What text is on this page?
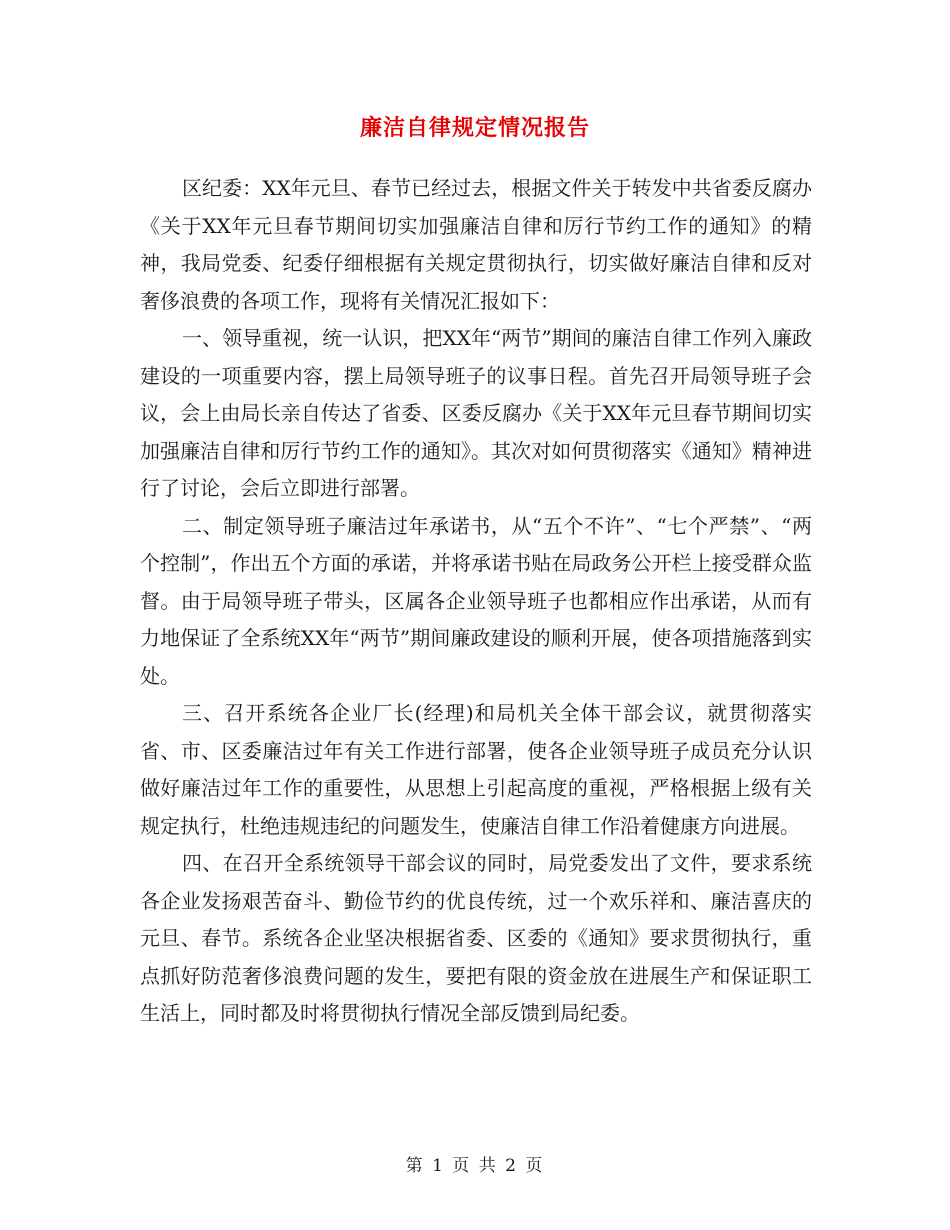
廉洁自律规定情况报告

区纪委：XX年元旦、春节已经过去，根据文件关于转发中共省委反腐办《关于XX年元旦春节期间切实加强廉洁自律和厉行节约工作的通知》的精神，我局党委、纪委仔细根据有关规定贯彻执行，切实做好廉洁自律和反对奢侈浪费的各项工作，现将有关情况汇报如下：

一、领导重视，统一认识，把XX年“两节”期间的廉洁自律工作列入廉政建设的一项重要内容，摆上局领导班子的议事日程。首先召开局领导班子会议，会上由局长亲自传达了省委、区委反腐办《关于XX年元旦春节期间切实加强廉洁自律和厉行节约工作的通知》。其次对如何贯彻落实《通知》精神进行了讨论，会后立即进行部署。

二、制定领导班子廉洁过年承诺书，从“五个不许”、“七个严禁”、“两个控制”，作出五个方面的承诺，并将承诺书贴在局政务公开栏上接受群众监督。由于局领导班子带头，区属各企业领导班子也都相应作出承诺，从而有力地保证了全系统XX年“两节”期间廉政建设的顺利开展，使各项措施落到实处。

三、召开系统各企业厂长(经理)和局机关全体干部会议，就贯彻落实省、市、区委廉洁过年有关工作进行部署，使各企业领导班子成员充分认识做好廉洁过年工作的重要性，从思想上引起高度的重视，严格根据上级有关规定执行，杜绝违规违纪的问题发生，使廉洁自律工作沿着健康方向进展。

四、在召开全系统领导干部会议的同时，局党委发出了文件，要求系统各企业发扬艰苦奋斗、勤俭节约的优良传统，过一个欢乐祥和、廉洁喜庆的元旦、春节。系统各企业坚决根据省委、区委的《通知》要求贯彻执行，重点抓好防范奢侈浪费问题的发生，要把有限的资金放在进展生产和保证职工生活上，同时都及时将贯彻执行情况全部反馈到局纪委。

第 1 页 共 2 页
